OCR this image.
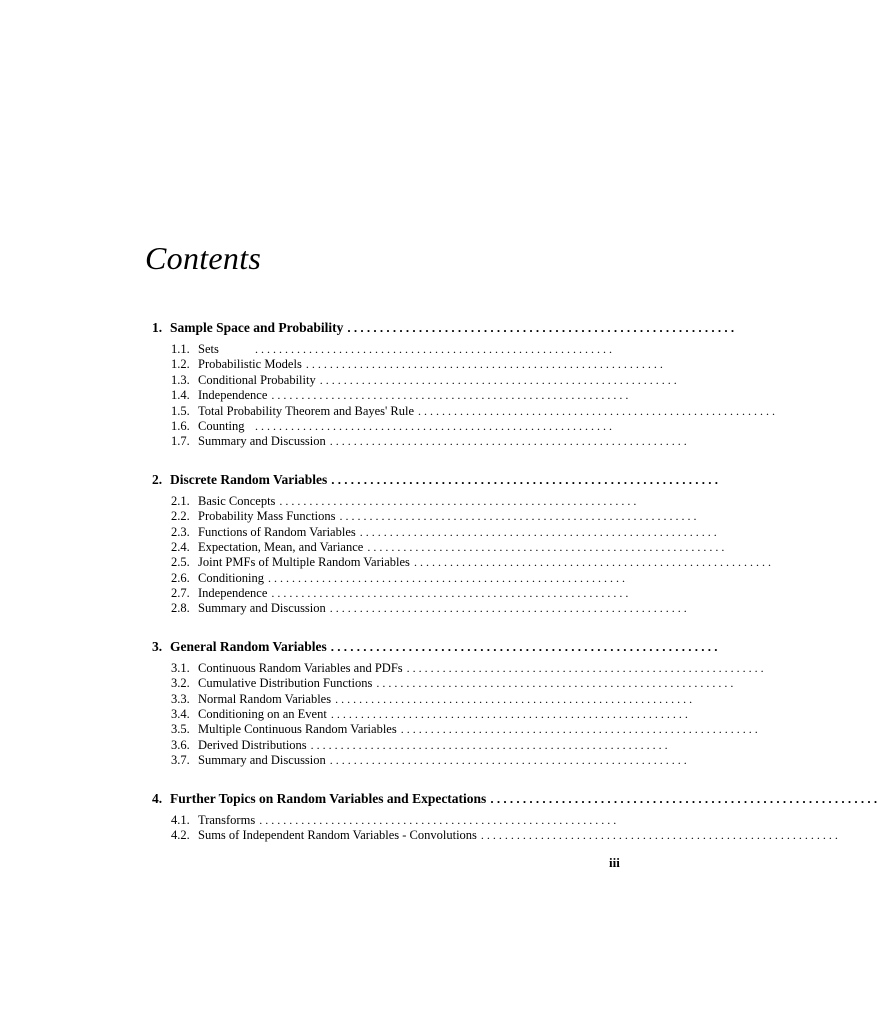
Contents
1. Sample Space and Probability . . . . . . . . . . . . . . . . . . . . . . . . . . . . . . . . . . . . . . . . . . . . . . . . . . . . . . . . . . . .
1.1. Sets	. . . . . . . . . . . . . . . . . . . . . . . . . . . . . . . . . . . . . . . . . . . . . . . . . . . . . . . . . . . .
1.2. Probabilistic Models . . . . . . . . . . . . . . . . . . . . . . . . . . . . . . . . . . . . . . . . . . . . . . . . . . . . . . . . . . . .
1.3. Conditional Probability . . . . . . . . . . . . . . . . . . . . . . . . . . . . . . . . . . . . . . . . . . . . . . . . . . . . . . . . . . . .
1.4. Independence . . . . . . . . . . . . . . . . . . . . . . . . . . . . . . . . . . . . . . . . . . . . . . . . . . . . . . . . . . . .
1.5. Total Probability Theorem and Bayes' Rule . . . . . . . . . . . . . . . . . . . . . . . . . . . . . . . . . . . . . . . . . . . . . . . . . . . . . . . . . . . .
1.6. Counting . . . . . . . . . . . . . . . . . . . . . . . . . . . . . . . . . . . . . . . . . . . . . . . . . . . . . . . . . . . .
1.7. Summary and Discussion . . . . . . . . . . . . . . . . . . . . . . . . . . . . . . . . . . . . . . . . . . . . . . . . . . . . . . . . . . . .
2. Discrete Random Variables . . . . . . . . . . . . . . . . . . . . . . . . . . . . . . . . . . . . . . . . . . . . . . . . . . . . . . . . . . . .
2.1. Basic Concepts . . . . . . . . . . . . . . . . . . . . . . . . . . . . . . . . . . . . . . . . . . . . . . . . . . . . . . . . . . . .
2.2. Probability Mass Functions . . . . . . . . . . . . . . . . . . . . . . . . . . . . . . . . . . . . . . . . . . . . . . . . . . . . . . . . . . . .
2.3. Functions of Random Variables . . . . . . . . . . . . . . . . . . . . . . . . . . . . . . . . . . . . . . . . . . . . . . . . . . . . . . . . . . . .
2.4. Expectation, Mean, and Variance . . . . . . . . . . . . . . . . . . . . . . . . . . . . . . . . . . . . . . . . . . . . . . . . . . . . . . . . . . . .
2.5. Joint PMFs of Multiple Random Variables . . . . . . . . . . . . . . . . . . . . . . . . . . . . . . . . . . . . . . . . . . . . . . . . . . . . . . . . . . . .
2.6. Conditioning . . . . . . . . . . . . . . . . . . . . . . . . . . . . . . . . . . . . . . . . . . . . . . . . . . . . . . . . . . . .
2.7. Independence . . . . . . . . . . . . . . . . . . . . . . . . . . . . . . . . . . . . . . . . . . . . . . . . . . . . . . . . . . . .
2.8. Summary and Discussion . . . . . . . . . . . . . . . . . . . . . . . . . . . . . . . . . . . . . . . . . . . . . . . . . . . . . . . . . . . .
3. General Random Variables . . . . . . . . . . . . . . . . . . . . . . . . . . . . . . . . . . . . . . . . . . . . . . . . . . . . . . . . . . . .
3.1. Continuous Random Variables and PDFs . . . . . . . . . . . . . . . . . . . . . . . . . . . . . . . . . . . . . . . . . . . . . . . . . . . . . . . . . . . .
3.2. Cumulative Distribution Functions . . . . . . . . . . . . . . . . . . . . . . . . . . . . . . . . . . . . . . . . . . . . . . . . . . . . . . . . . . . .
3.3. Normal Random Variables . . . . . . . . . . . . . . . . . . . . . . . . . . . . . . . . . . . . . . . . . . . . . . . . . . . . . . . . . . . .
3.4. Conditioning on an Event . . . . . . . . . . . . . . . . . . . . . . . . . . . . . . . . . . . . . . . . . . . . . . . . . . . . . . . . . . . .
3.5. Multiple Continuous Random Variables . . . . . . . . . . . . . . . . . . . . . . . . . . . . . . . . . . . . . . . . . . . . . . . . . . . . . . . . . . . .
3.6. Derived Distributions . . . . . . . . . . . . . . . . . . . . . . . . . . . . . . . . . . . . . . . . . . . . . . . . . . . . . . . . . . . .
3.7. Summary and Discussion . . . . . . . . . . . . . . . . . . . . . . . . . . . . . . . . . . . . . . . . . . . . . . . . . . . . . . . . . . . .
4. Further Topics on Random Variables and Expectations . . . . . . . . . . . . . . . . . . . . . . . . . . . . . . . . . . . . . . . . . . . . . . . . . . . . . . . . . . . .
4.1. Transforms . . . . . . . . . . . . . . . . . . . . . . . . . . . . . . . . . . . . . . . . . . . . . . . . . . . . . . . . . . . .
4.2. Sums of Independent Random Variables - Convolutions . . . . . . . . . . . . . . . . . . . . . . . . . . . . . . . . . . . . . . . . . . . . . . . . . . . . . . . . . . . .
iii
